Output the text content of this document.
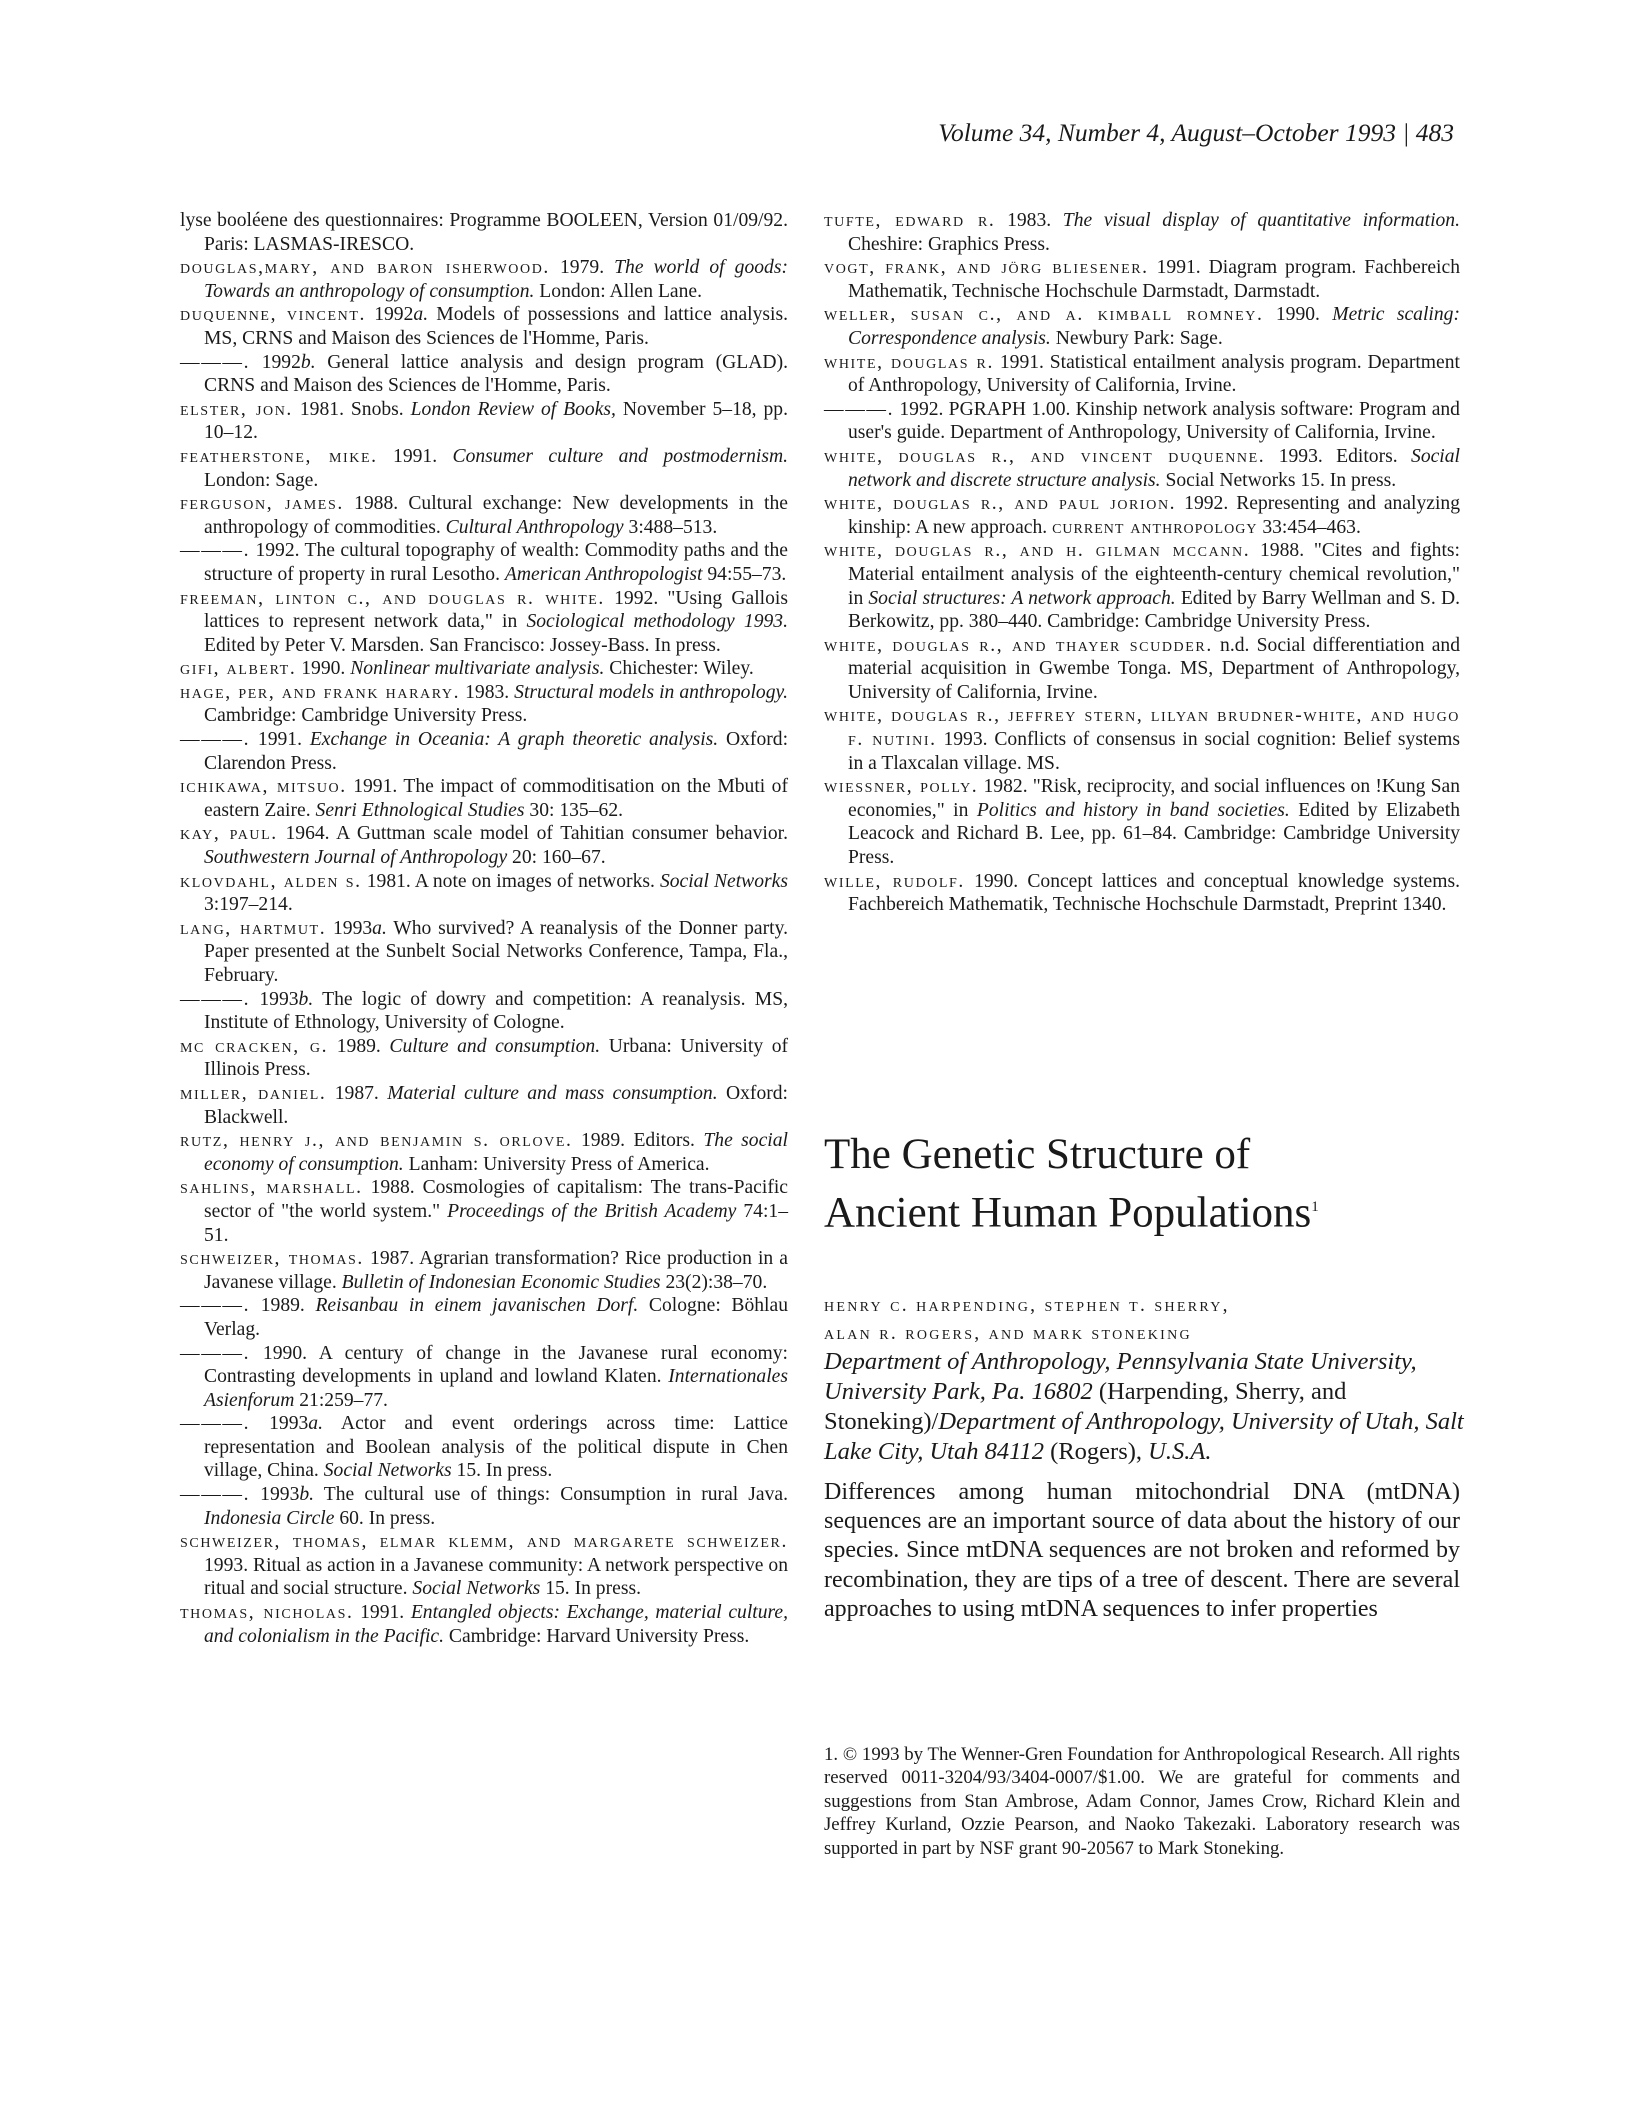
Volume 34, Number 4, August–October 1993 | 483

lyse booléene des questionnaires: Programme BOOLEEN, Version 01/09/92. Paris: LASMAS-IRESCO.

douglas,mary, and baron isherwood. 1979. The world of goods: Towards an anthropology of consumption. London: Allen Lane.

duquenne, vincent. 1992a. Models of possessions and lattice analysis. MS, CRNS and Maison des Sciences de l'Homme, Paris.

———. 1992b. General lattice analysis and design program (GLAD). CRNS and Maison des Sciences de l'Homme, Paris.

elster, jon. 1981. Snobs. London Review of Books, November 5–18, pp. 10–12.

featherstone, mike. 1991. Consumer culture and postmodernism. London: Sage.

ferguson, james. 1988. Cultural exchange: New developments in the anthropology of commodities. Cultural Anthropology 3:488–513.

———. 1992. The cultural topography of wealth: Commodity paths and the structure of property in rural Lesotho. American Anthropologist 94:55–73.

freeman, linton c., and douglas r. white. 1992. "Using Gallois lattices to represent network data," in Sociological methodology 1993. Edited by Peter V. Marsden. San Francisco: Jossey-Bass. In press.

gifi, albert. 1990. Nonlinear multivariate analysis. Chichester: Wiley.

hage, per, and frank harary. 1983. Structural models in anthropology. Cambridge: Cambridge University Press.

———. 1991. Exchange in Oceania: A graph theoretic analysis. Oxford: Clarendon Press.

ichikawa, mitsuo. 1991. The impact of commoditisation on the Mbuti of eastern Zaire. Senri Ethnological Studies 30: 135–62.

kay, paul. 1964. A Guttman scale model of Tahitian consumer behavior. Southwestern Journal of Anthropology 20: 160–67.

klovdahl, alden s. 1981. A note on images of networks. Social Networks 3:197–214.

lang, hartmut. 1993a. Who survived? A reanalysis of the Donner party. Paper presented at the Sunbelt Social Networks Conference, Tampa, Fla., February.

———. 1993b. The logic of dowry and competition: A reanalysis. MS, Institute of Ethnology, University of Cologne.

mc cracken, g. 1989. Culture and consumption. Urbana: University of Illinois Press.

miller, daniel. 1987. Material culture and mass consumption. Oxford: Blackwell.

rutz, henry j., and benjamin s. orlove. 1989. Editors. The social economy of consumption. Lanham: University Press of America.

sahlins, marshall. 1988. Cosmologies of capitalism: The trans-Pacific sector of "the world system." Proceedings of the British Academy 74:1–51.

schweizer, thomas. 1987. Agrarian transformation? Rice production in a Javanese village. Bulletin of Indonesian Economic Studies 23(2):38–70.

———. 1989. Reisanbau in einem javanischen Dorf. Cologne: Böhlau Verlag.

———. 1990. A century of change in the Javanese rural economy: Contrasting developments in upland and lowland Klaten. Internationales Asienforum 21:259–77.

———. 1993a. Actor and event orderings across time: Lattice representation and Boolean analysis of the political dispute in Chen village, China. Social Networks 15. In press.

———. 1993b. The cultural use of things: Consumption in rural Java. Indonesia Circle 60. In press.

schweizer, thomas, elmar klemm, and margarete schweizer. 1993. Ritual as action in a Javanese community: A network perspective on ritual and social structure. Social Networks 15. In press.

thomas, nicholas. 1991. Entangled objects: Exchange, material culture, and colonialism in the Pacific. Cambridge: Harvard University Press.

tufte, edward r. 1983. The visual display of quantitative information. Cheshire: Graphics Press.

vogt, frank, and jörg bliesener. 1991. Diagram program. Fachbereich Mathematik, Technische Hochschule Darmstadt, Darmstadt.

weller, susan c., and a. kimball romney. 1990. Metric scaling: Correspondence analysis. Newbury Park: Sage.

white, douglas r. 1991. Statistical entailment analysis program. Department of Anthropology, University of California, Irvine.

———. 1992. PGRAPH 1.00. Kinship network analysis software: Program and user's guide. Department of Anthropology, University of California, Irvine.

white, douglas r., and vincent duquenne. 1993. Editors. Social network and discrete structure analysis. Social Networks 15. In press.

white, douglas r., and paul jorion. 1992. Representing and analyzing kinship: A new approach. current anthropology 33:454–463.

white, douglas r., and h. gilman mccann. 1988. "Cites and fights: Material entailment analysis of the eighteenth-century chemical revolution," in Social structures: A network approach. Edited by Barry Wellman and S. D. Berkowitz, pp. 380–440. Cambridge: Cambridge University Press.

white, douglas r., and thayer scudder. n.d. Social differentiation and material acquisition in Gwembe Tonga. MS, Department of Anthropology, University of California, Irvine.

white, douglas r., jeffrey stern, lilyan brudner-white, and hugo f. nutini. 1993. Conflicts of consensus in social cognition: Belief systems in a Tlaxcalan village. MS.

wiessner, polly. 1982. "Risk, reciprocity, and social influences on !Kung San economies," in Politics and history in band societies. Edited by Elizabeth Leacock and Richard B. Lee, pp. 61–84. Cambridge: Cambridge University Press.

wille, rudolf. 1990. Concept lattices and conceptual knowledge systems. Fachbereich Mathematik, Technische Hochschule Darmstadt, Preprint 1340.

The Genetic Structure of
Ancient Human Populations$^1$

henry c. harpending, stephen t. sherry,
alan r. rogers, and mark stoneking

Department of Anthropology, Pennsylvania State University, University Park, Pa. 16802 (Harpending, Sherry, and Stoneking)/Department of Anthropology, University of Utah, Salt Lake City, Utah 84112 (Rogers), U.S.A.

Differences among human mitochondrial DNA (mtDNA) sequences are an important source of data about the history of our species. Since mtDNA sequences are not broken and reformed by recombination, they are tips of a tree of descent. There are several approaches to using mtDNA sequences to infer properties

1. © 1993 by The Wenner-Gren Foundation for Anthropological Research. All rights reserved 0011-3204/93/3404-0007/$1.00. We are grateful for comments and suggestions from Stan Ambrose, Adam Connor, James Crow, Richard Klein and Jeffrey Kurland, Ozzie Pearson, and Naoko Takezaki. Laboratory research was supported in part by NSF grant 90-20567 to Mark Stoneking.
